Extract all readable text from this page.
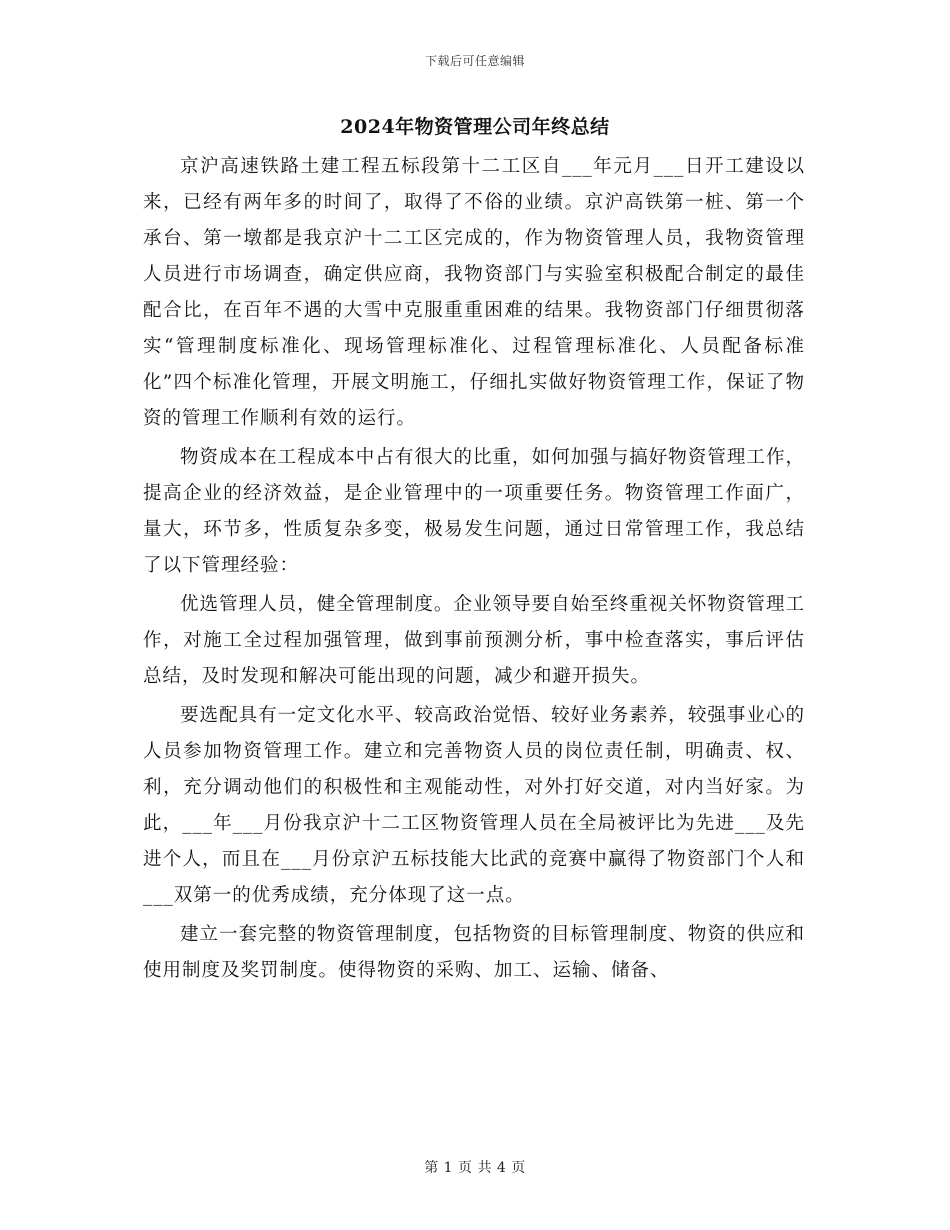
下载后可任意编辑
2024年物资管理公司年终总结

京沪高速铁路土建工程五标段第十二工区自___年元月___日开工建设以来，已经有两年多的时间了，取得了不俗的业绩。京沪高铁第一桩、第一个承台、第一墩都是我京沪十二工区完成的，作为物资管理人员，我物资管理人员进行市场调查，确定供应商，我物资部门与实验室积极配合制定的最佳配合比，在百年不遇的大雪中克服重重困难的结果。我物资部门仔细贯彻落实“管理制度标准化、现场管理标准化、过程管理标准化、人员配备标准化”四个标准化管理，开展文明施工，仔细扎实做好物资管理工作，保证了物资的管理工作顺利有效的运行。

物资成本在工程成本中占有很大的比重，如何加强与搞好物资管理工作，提高企业的经济效益，是企业管理中的一项重要任务。物资管理工作面广，量大，环节多，性质复杂多变，极易发生问题，通过日常管理工作，我总结了以下管理经验：

优选管理人员，健全管理制度。企业领导要自始至终重视关怀物资管理工作，对施工全过程加强管理，做到事前预测分析，事中检查落实，事后评估总结，及时发现和解决可能出现的问题，减少和避开损失。

要选配具有一定文化水平、较高政治觉悟、较好业务素养，较强事业心的人员参加物资管理工作。建立和完善物资人员的岗位责任制，明确责、权、利，充分调动他们的积极性和主观能动性，对外打好交道，对内当好家。为此，___年___月份我京沪十二工区物资管理人员在全局被评比为先进___及先进个人，而且在___月份京沪五标技能大比武的竞赛中赢得了物资部门个人和___双第一的优秀成绩，充分体现了这一点。

建立一套完整的物资管理制度，包括物资的目标管理制度、物资的供应和使用制度及奖罚制度。使得物资的采购、加工、运输、储备、

第 1 页 共 4 页
